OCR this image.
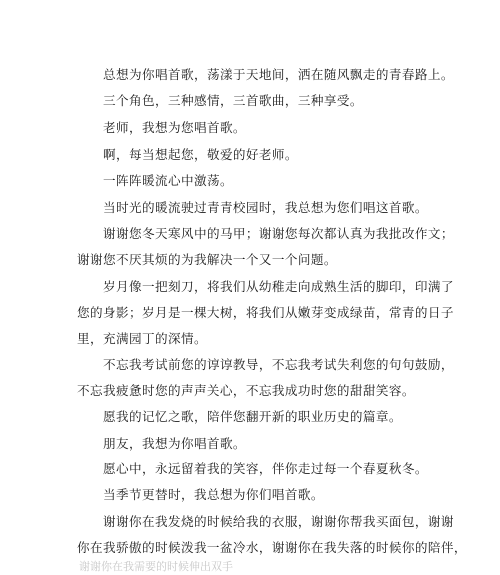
总想为你唱首歌，荡漾于天地间，洒在随风飘走的青春路上。
三个角色，三种感情，三首歌曲，三种享受。
老师，我想为您唱首歌。
啊，每当想起您，敬爱的好老师。
一阵阵暖流心中激荡。
当时光的暖流驶过青青校园时，我总想为您们唱这首歌。
谢谢您冬天寒风中的马甲；谢谢您每次都认真为我批改作文；
谢谢您不厌其烦的为我解决一个又一个问题。
岁月像一把刻刀，将我们从幼稚走向成熟生活的脚印，印满了
您的身影；岁月是一棵大树，将我们从嫩芽变成绿苗，常青的日子
里，充满园丁的深情。
不忘我考试前您的谆谆教导，不忘我考试失利您的句句鼓励，
不忘我疲惫时您的声声关心，不忘我成功时您的甜甜笑容。
愿我的记忆之歌，陪伴您翻开新的职业历史的篇章。
朋友，我想为你唱首歌。
愿心中，永远留着我的笑容，伴你走过每一个春夏秋冬。
当季节更替时，我总想为你们唱首歌。
谢谢你在我发烧的时候给我的衣服，谢谢你帮我买面包，谢谢
你在我骄傲的时候泼我一盆冷水，谢谢你在我失落的时候你的陪伴，
谢谢你在我需要的时候伸出双手
